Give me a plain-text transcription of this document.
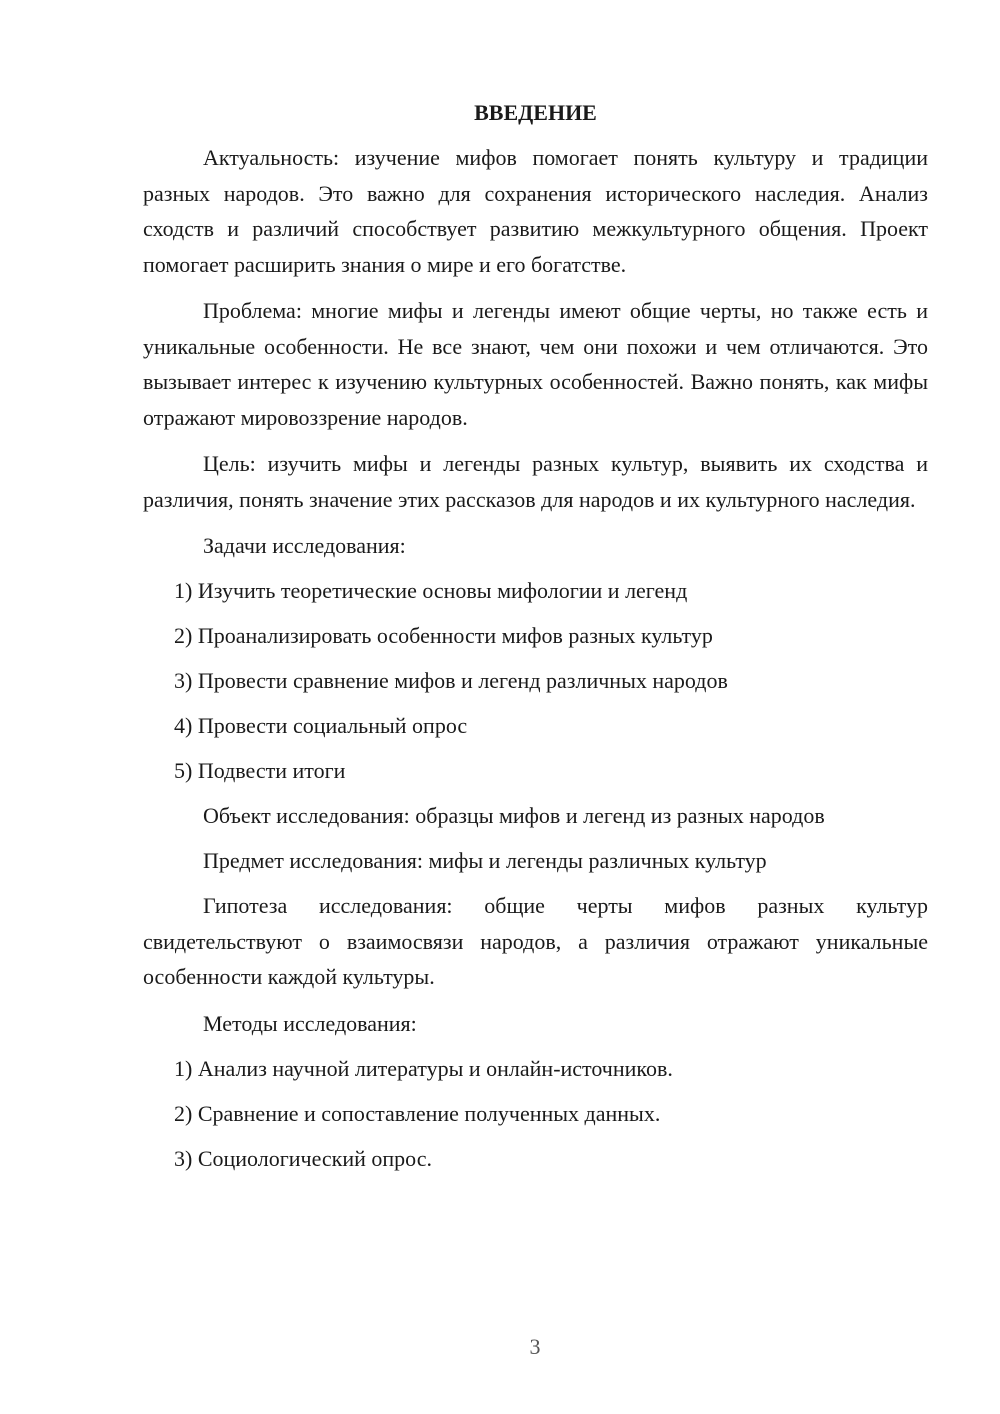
ВВЕДЕНИЕ

Актуальность: изучение мифов помогает понять культуру и традиции разных народов. Это важно для сохранения исторического наследия. Анализ сходств и различий способствует развитию межкультурного общения. Проект помогает расширить знания о мире и его богатстве.

Проблема: многие мифы и легенды имеют общие черты, но также есть и уникальные особенности. Не все знают, чем они похожи и чем отличаются. Это вызывает интерес к изучению культурных особенностей. Важно понять, как мифы отражают мировоззрение народов.

Цель: изучить мифы и легенды разных культур, выявить их сходства и различия, понять значение этих рассказов для народов и их культурного наследия.

Задачи исследования:
1) Изучить теоретические основы мифологии и легенд
2) Проанализировать особенности мифов разных культур
3) Провести сравнение мифов и легенд различных народов
4) Провести социальный опрос
5) Подвести итоги
Объект исследования: образцы мифов и легенд из разных народов
Предмет исследования: мифы и легенды различных культур

Гипотеза исследования: общие черты мифов разных культур свидетельствуют о взаимосвязи народов, а различия отражают уникальные особенности каждой культуры.

Методы исследования:
1) Анализ научной литературы и онлайн-источников.
2) Сравнение и сопоставление полученных данных.
3) Социологический опрос.
3
